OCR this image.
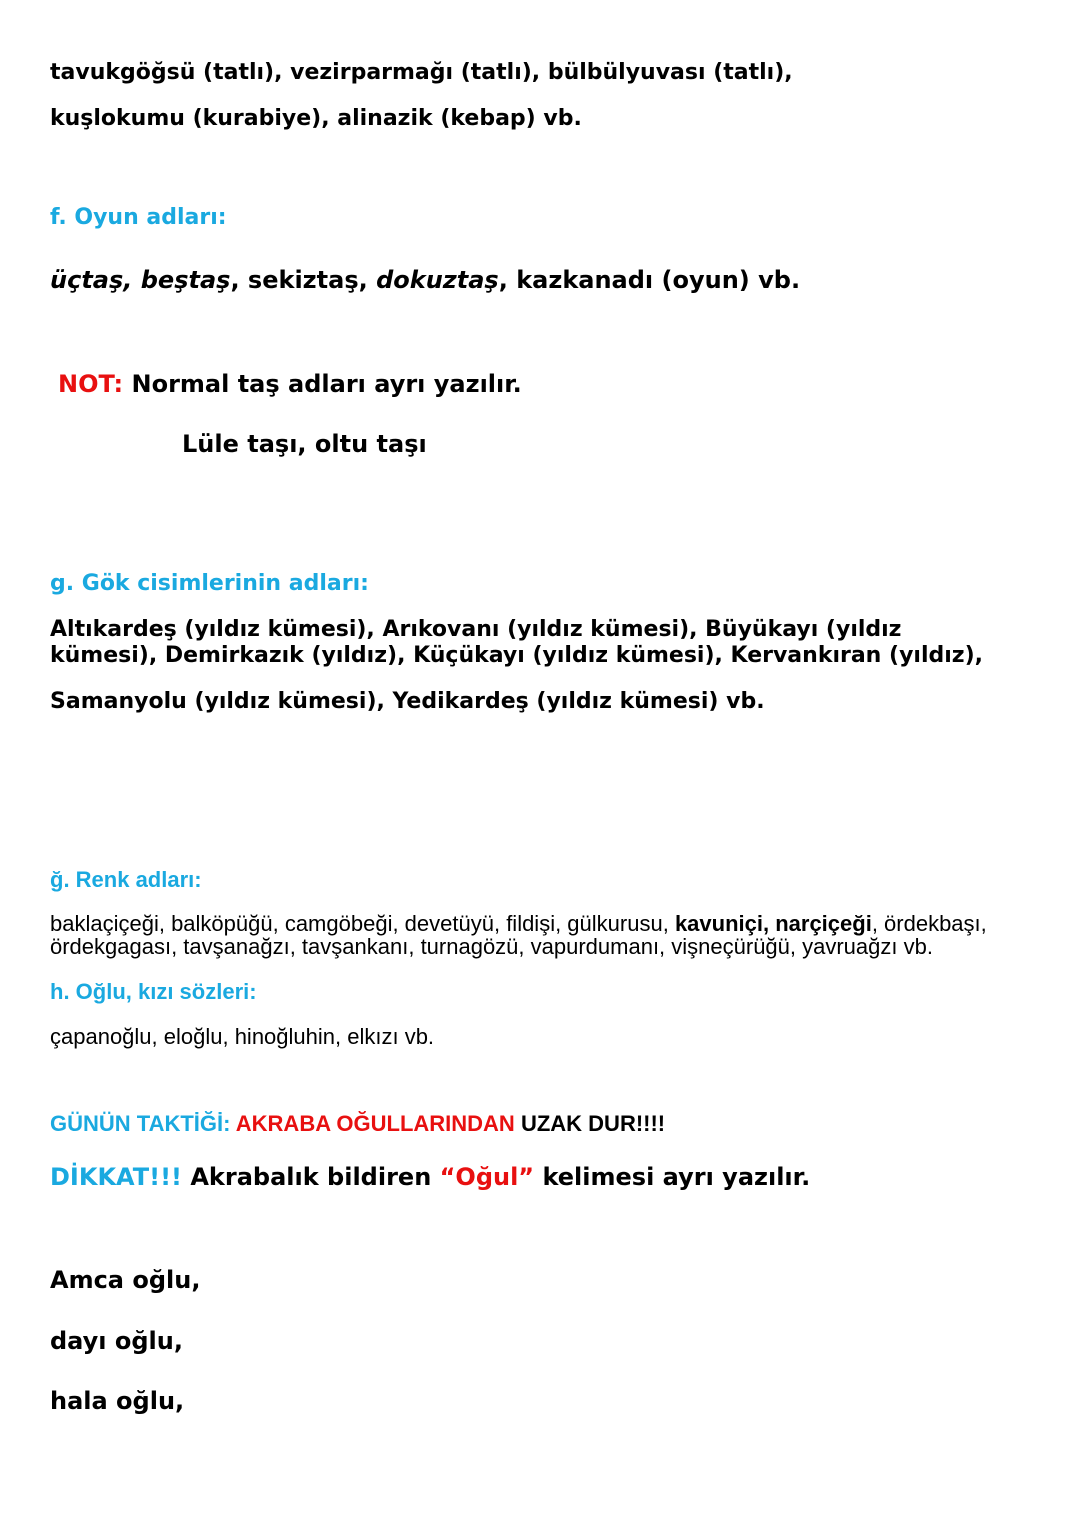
tavukgöğsü (tatlı), vezirparmağı (tatlı), bülbülyuvası (tatlı),
kuşlokumu (kurabiye), alinazik (kebap) vb.
f. Oyun adları:
üçtaş, beştaş, sekiztaş, dokuztaş, kazkanadı (oyun) vb.
NOT: Normal taş adları ayrı yazılır.
Lüle taşı, oltu taşı
g. Gök cisimlerinin adları:
Altıkardeş (yıldız kümesi), Arıkovanı (yıldız kümesi), Büyükayı (yıldız
kümesi), Demirkazık (yıldız), Küçükayı (yıldız kümesi), Kervankıran (yıldız),
Samanyolu (yıldız kümesi), Yedikardeş (yıldız kümesi) vb.
ğ. Renk adları:
baklaçiçeği, balköpüğü, camgöbeği, devetüyü, fildişi, gülkurusu, kavuniçi, narçiçeği, ördekbaşı,
ördekgagası, tavşanağzı, tavşankanı, turnagözü, vapurdumanı, vişneçürüğü, yavruağzı vb.
h. Oğlu, kızı sözleri:
çapanoğlu, eloğlu, hinoğluhin, elkızı vb.
GÜNÜN TAKTİĞİ: AKRABA OĞULLARINDAN UZAK DUR!!!!
DİKKAT!!! Akrabalık bildiren “Oğul” kelimesi ayrı yazılır.
Amca oğlu,
dayı oğlu,
hala oğlu,
